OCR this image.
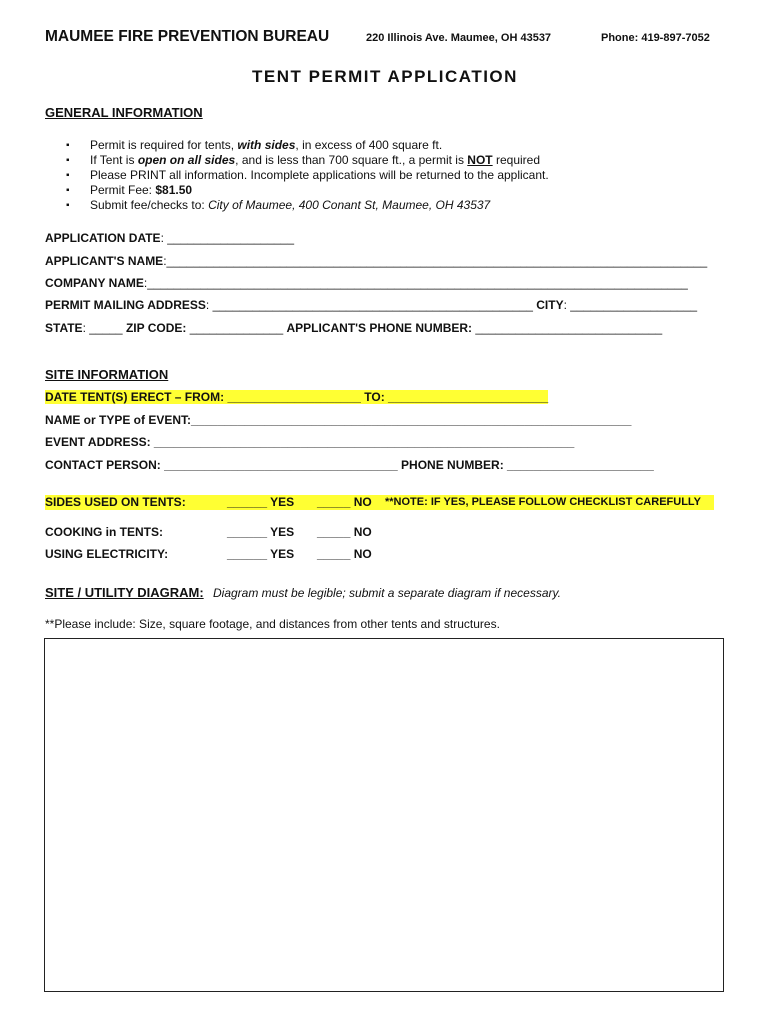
MAUMEE FIRE PREVENTION BUREAU	220 Illinois Ave. Maumee, OH 43537	Phone: 419-897-7052
TENT PERMIT APPLICATION
GENERAL INFORMATION
▪ Permit is required for tents, with sides, in excess of 400 square ft.
▪ If Tent is open on all sides, and is less than 700 square ft., a permit is NOT required
▪ Please PRINT all information. Incomplete applications will be returned to the applicant.
▪ Permit Fee: $81.50
▪ Submit fee/checks to: City of Maumee, 400 Conant St, Maumee, OH 43537
APPLICATION DATE: ___________________
APPLICANT'S NAME:_________________________________________________________________________________
COMPANY NAME:_________________________________________________________________________________
PERMIT MAILING ADDRESS: ________________________________________________ CITY: ___________________
STATE: _____ ZIP CODE: ______________ APPLICANT'S PHONE NUMBER: ____________________________
SITE INFORMATION
DATE TENT(S) ERECT – FROM: ____________________ TO: ________________________
NAME or TYPE of EVENT:__________________________________________________________________
EVENT ADDRESS: _______________________________________________________________
CONTACT PERSON: ___________________________________ PHONE NUMBER: ______________________
SIDES USED ON TENTS:	______ YES _____ NO **NOTE: IF YES, PLEASE FOLLOW CHECKLIST CAREFULLY
COOKING in TENTS:	______ YES _____ NO
USING ELECTRICITY:	______ YES _____ NO
SITE / UTILITY DIAGRAM: Diagram must be legible; submit a separate diagram if necessary.
**Please include: Size, square footage, and distances from other tents and structures.
